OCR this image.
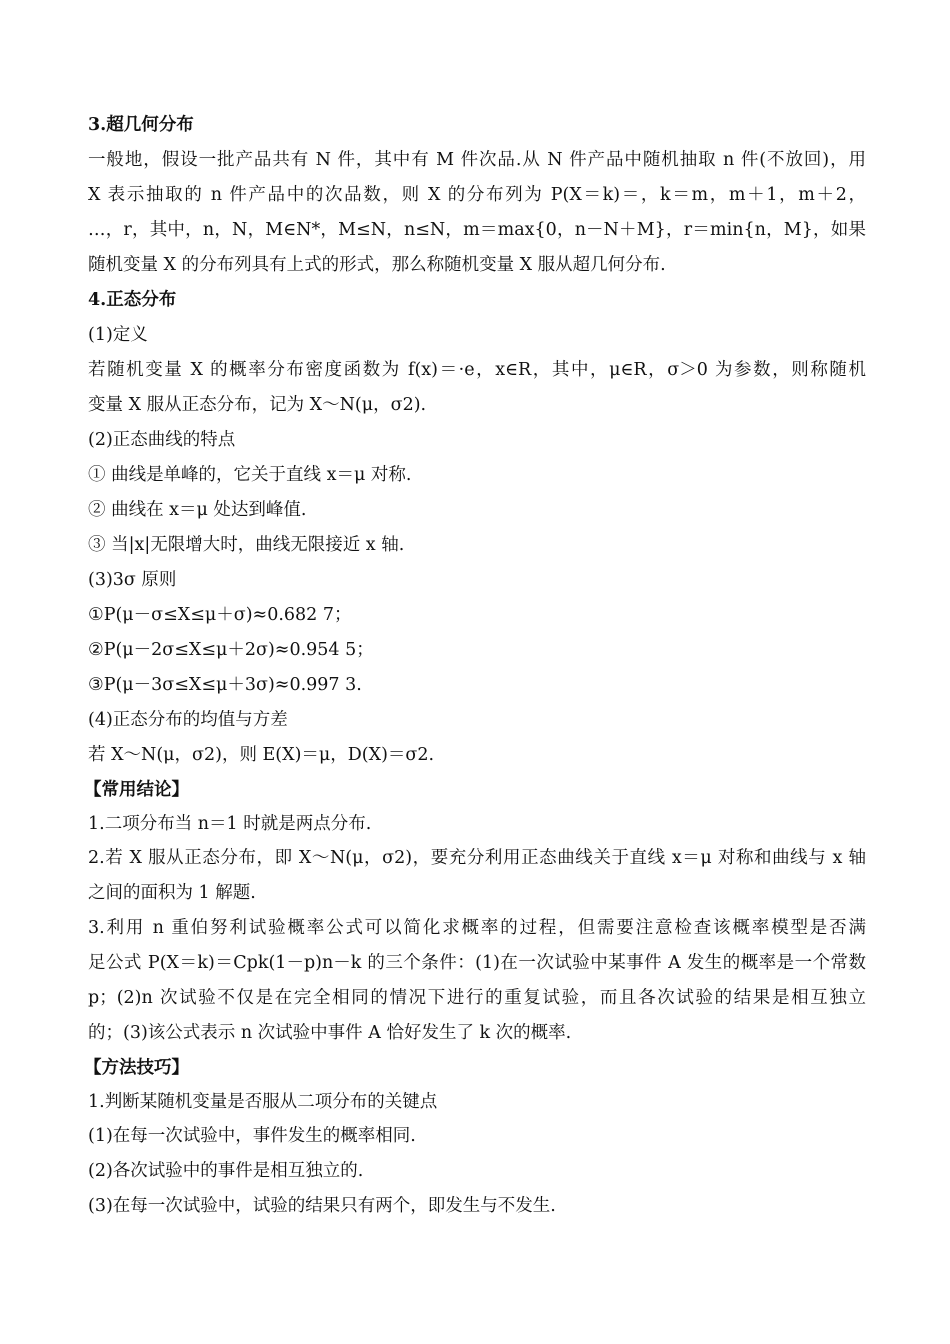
3.超几何分布
一般地，假设一批产品共有 N 件，其中有 M 件次品.从 N 件产品中随机抽取 n 件(不放回)，用
X 表示抽取的 n 件产品中的次品数，则 X 的分布列为 P(X＝k)＝，k＝m，m＋1，m＋2，
…，r，其中，n，N，M∈N*，M≤N，n≤N，m＝max{0，n－N＋M}，r＝min{n，M}，如果
随机变量 X 的分布列具有上式的形式，那么称随机变量 X 服从超几何分布.
4.正态分布
(1)定义
若随机变量 X 的概率分布密度函数为 f(x)＝·e，x∈R，其中，μ∈R，σ＞0 为参数，则称随机
变量 X 服从正态分布，记为 X～N(μ，σ2).
(2)正态曲线的特点
① 曲线是单峰的，它关于直线 x＝μ 对称.
② 曲线在 x＝μ 处达到峰值.
③ 当|x|无限增大时，曲线无限接近 x 轴.
(3)3σ 原则
①P(μ－σ≤X≤μ＋σ)≈0.682 7；
②P(μ－2σ≤X≤μ＋2σ)≈0.954 5；
③P(μ－3σ≤X≤μ＋3σ)≈0.997 3.
(4)正态分布的均值与方差
若 X～N(μ，σ2)，则 E(X)＝μ，D(X)＝σ2.
【常用结论】
1.二项分布当 n＝1 时就是两点分布.
2.若 X 服从正态分布，即 X～N(μ，σ2)，要充分利用正态曲线关于直线 x＝μ 对称和曲线与 x 轴
之间的面积为 1 解题.
3.利用 n 重伯努利试验概率公式可以简化求概率的过程，但需要注意检查该概率模型是否满
足公式 P(X＝k)＝Cpk(1－p)n－k 的三个条件：(1)在一次试验中某事件 A 发生的概率是一个常数
p；(2)n 次试验不仅是在完全相同的情况下进行的重复试验，而且各次试验的结果是相互独立
的；(3)该公式表示 n 次试验中事件 A 恰好发生了 k 次的概率.
【方法技巧】
1.判断某随机变量是否服从二项分布的关键点
(1)在每一次试验中，事件发生的概率相同.
(2)各次试验中的事件是相互独立的.
(3)在每一次试验中，试验的结果只有两个，即发生与不发生.
